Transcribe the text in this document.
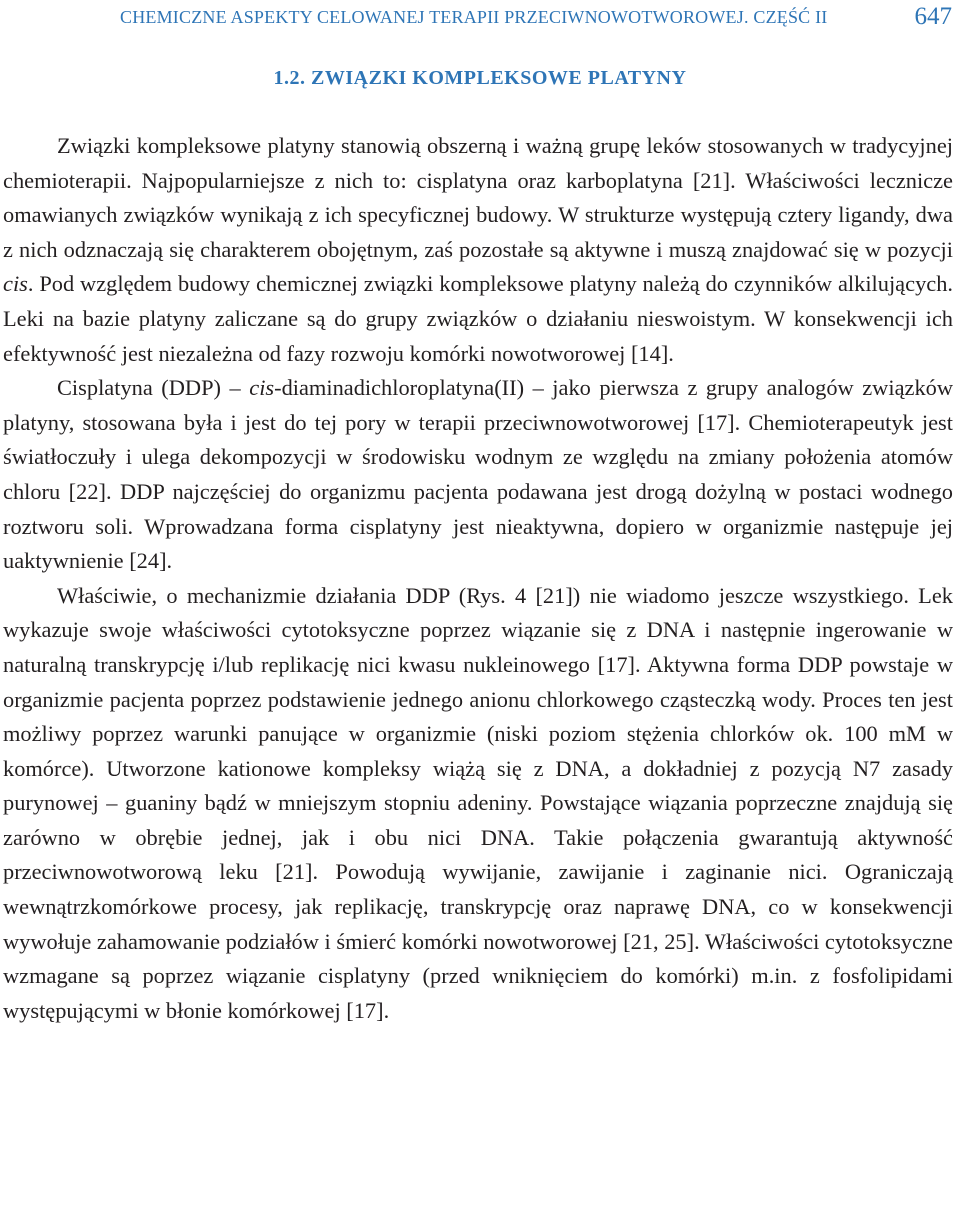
CHEMICZNE ASPEKTY CELOWANEJ TERAPII PRZECIWNOWOTWOROWEJ. CZĘŚĆ II	647
1.2. ZWIĄZKI KOMPLEKSOWE PLATYNY

Związki kompleksowe platyny stanowią obszerną i ważną grupę leków stosowanych w tradycyjnej chemioterapii. Najpopularniejsze z nich to: cisplatyna oraz karboplatyna [21]. Właściwości lecznicze omawianych związków wynikają z ich specyficznej budowy. W strukturze występują cztery ligandy, dwa z nich odznaczają się charakterem obojętnym, zaś pozostałe są aktywne i muszą znajdować się w pozycji cis. Pod względem budowy chemicznej związki kompleksowe platyny należą do czynników alkilujących. Leki na bazie platyny zaliczane są do grupy związków o działaniu nieswoistym. W konsekwencji ich efektywność jest niezależna od fazy rozwoju komórki nowotworowej [14].

Cisplatyna (DDP) – cis-diaminadichloroplatyna(II) – jako pierwsza z grupy analogów związków platyny, stosowana była i jest do tej pory w terapii przeciwnowotworowej [17]. Chemioterapeutyk jest światłoczuły i ulega dekompozycji w środowisku wodnym ze względu na zmiany położenia atomów chloru [22]. DDP najczęściej do organizmu pacjenta podawana jest drogą dożylną w postaci wodnego roztworu soli. Wprowadzana forma cisplatyny jest nieaktywna, dopiero w organizmie następuje jej uaktywnienie [24].

Właściwie, o mechanizmie działania DDP (Rys. 4 [21]) nie wiadomo jeszcze wszystkiego. Lek wykazuje swoje właściwości cytotoksyczne poprzez wiązanie się z DNA i następnie ingerowanie w naturalną transkrypcję i/lub replikację nici kwasu nukleinowego [17]. Aktywna forma DDP powstaje w organizmie pacjenta poprzez podstawienie jednego anionu chlorkowego cząsteczką wody. Proces ten jest możliwy poprzez warunki panujące w organizmie (niski poziom stężenia chlorków ok. 100 mM w komórce). Utworzone kationowe kompleksy wiążą się z DNA, a dokładniej z pozycją N7 zasady purynowej – guaniny bądź w mniejszym stopniu adeniny. Powstające wiązania poprzeczne znajdują się zarówno w obrębie jednej, jak i obu nici DNA. Takie połączenia gwarantują aktywność przeciwnowotworową leku [21]. Powodują wywijanie, zawijanie i zaginanie nici. Ograniczają wewnątrzkomórkowe procesy, jak replikację, transkrypcję oraz naprawę DNA, co w konsekwencji wywołuje zahamowanie podziałów i śmierć komórki nowotworowej [21, 25]. Właściwości cytotoksyczne wzmagane są poprzez wiązanie cisplatyny (przed wniknięciem do komórki) m.in. z fosfolipidami występującymi w błonie komórkowej [17].
